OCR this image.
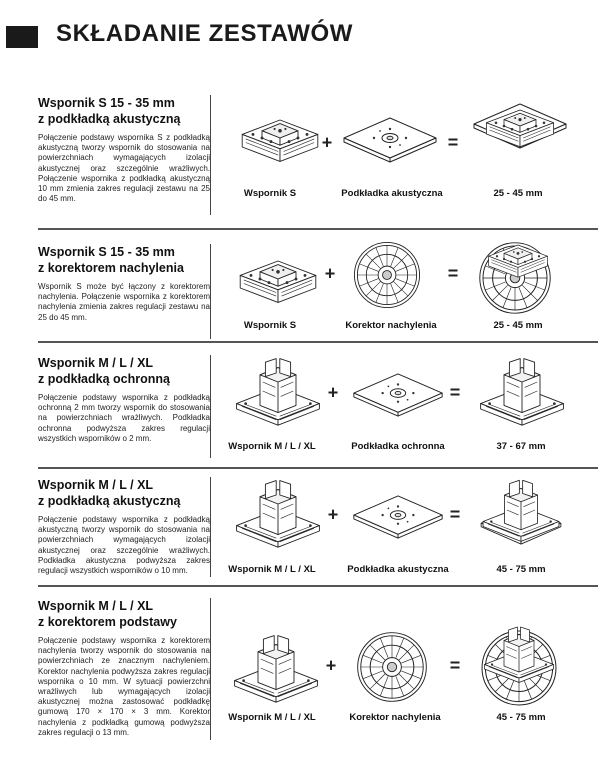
SKŁADANIE ZESTAWÓW
Wspornik S 15 - 35 mm
z podkładką akustyczną

Połączenie podstawy wspornika S z podkładką akustyczną tworzy wspornik do stosowania na powierzchniach wymagających izolacji akustycznej oraz szczególnie wrażliwych. Połączenie wspornika z podkładką akustyczną 10 mm zmienia zakres regulacji zestawu na 25 do 45 mm.

+	=
Wspornik S	Podkładka akustyczna	25 - 45 mm
Wspornik S 15 - 35 mm
z korektorem nachylenia

Wspornik S może być łączony z korektorem nachylenia. Połączenie wspornika z korektorem nachylenia zmienia zakres regulacji zestawu na 25 do 45 mm.

+	=
Wspornik S	Korektor nachylenia	25 - 45 mm
Wspornik M / L / XL
z podkładką ochronną

Połączenie podstawy wspornika z podkładką ochronną 2 mm tworzy wspornik do stosowania na powierzchniach wrażliwych. Podkładka ochronna podwyższa zakres regulacji wszystkich wsporników o 2 mm.

+	=
Wspornik M / L / XL	Podkładka ochronna	37 - 67 mm
Wspornik M / L / XL
z podkładką akustyczną

Połączenie podstawy wspornika z podkładką akustyczną tworzy wspornik do stosowania na powierzchniach wymagających izolacji akustycznej oraz szczególnie wrażliwych. Podkładka akustyczna podwyższa zakres regulacji wszystkich wsporników o 10 mm.

+	=
Wspornik M / L / XL	Podkładka akustyczna	45 - 75 mm
Wspornik M / L / XL
z korektorem podstawy

Połączenie podstawy wspornika z korektorem nachylenia tworzy wspornik do stosowania na powierzchniach ze znacznym nachyleniem. Korektor nachylenia podwyższa zakres regulacji wspornika o 10 mm. W sytuacji powierzchni wrażliwych lub wymagających izolacji akustycznej można zastosować podkładkę gumową 170 × 170 × 3 mm. Korektor nachylenia z podkładką gumową podwyższa zakres regulacji o 13 mm.

+	=
Wspornik M / L / XL	Korektor nachylenia	45 - 75 mm
